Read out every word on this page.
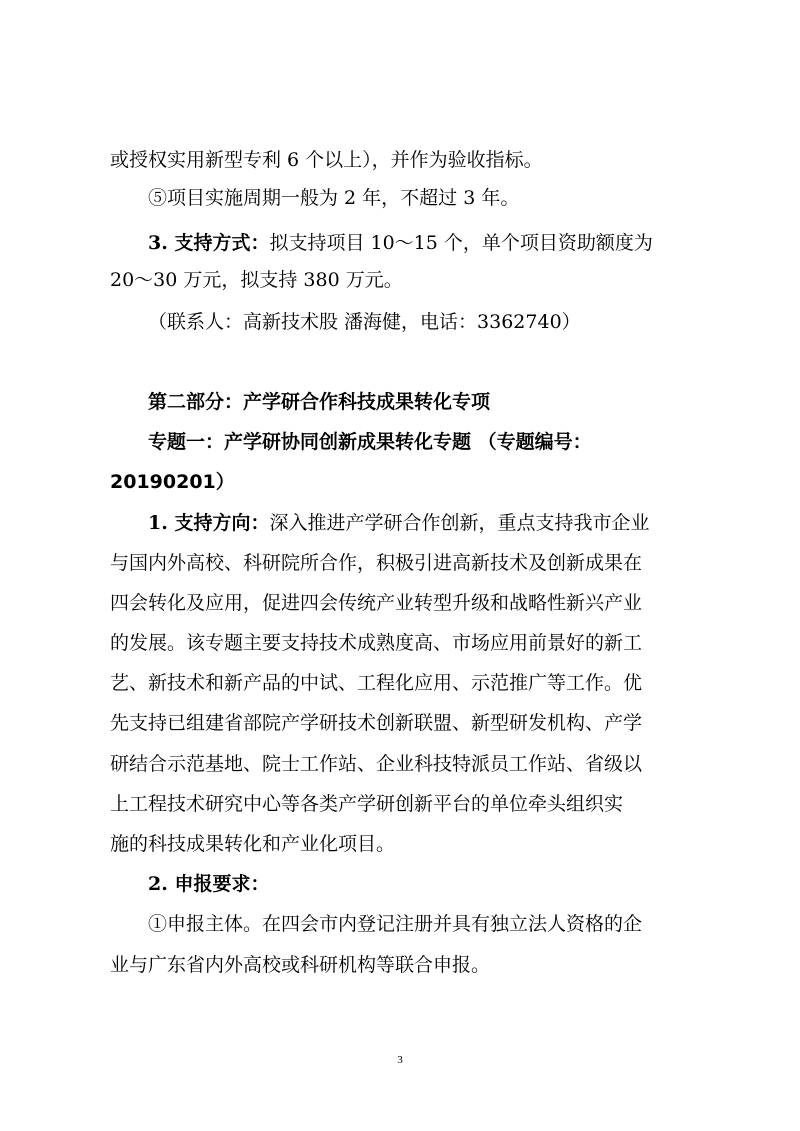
或授权实用新型专利 6 个以上），并作为验收指标。

⑤项目实施周期一般为 2 年，不超过 3 年。

3. 支持方式：拟支持项目 10～15 个，单个项目资助额度为

20～30 万元，拟支持 380 万元。

（联系人：高新技术股 潘海健，电话：3362740）

第二部分：产学研合作科技成果转化专项

专题一：产学研协同创新成果转化专题 （专题编号：

20190201）

1. 支持方向：深入推进产学研合作创新，重点支持我市企业

与国内外高校、科研院所合作，积极引进高新技术及创新成果在

四会转化及应用，促进四会传统产业转型升级和战略性新兴产业

的发展。该专题主要支持技术成熟度高、市场应用前景好的新工

艺、新技术和新产品的中试、工程化应用、示范推广等工作。优

先支持已组建省部院产学研技术创新联盟、新型研发机构、产学

研结合示范基地、院士工作站、企业科技特派员工作站、省级以

上工程技术研究中心等各类产学研创新平台的单位牵头组织实

施的科技成果转化和产业化项目。

2. 申报要求：

①申报主体。在四会市内登记注册并具有独立法人资格的企

业与广东省内外高校或科研机构等联合申报。

3
